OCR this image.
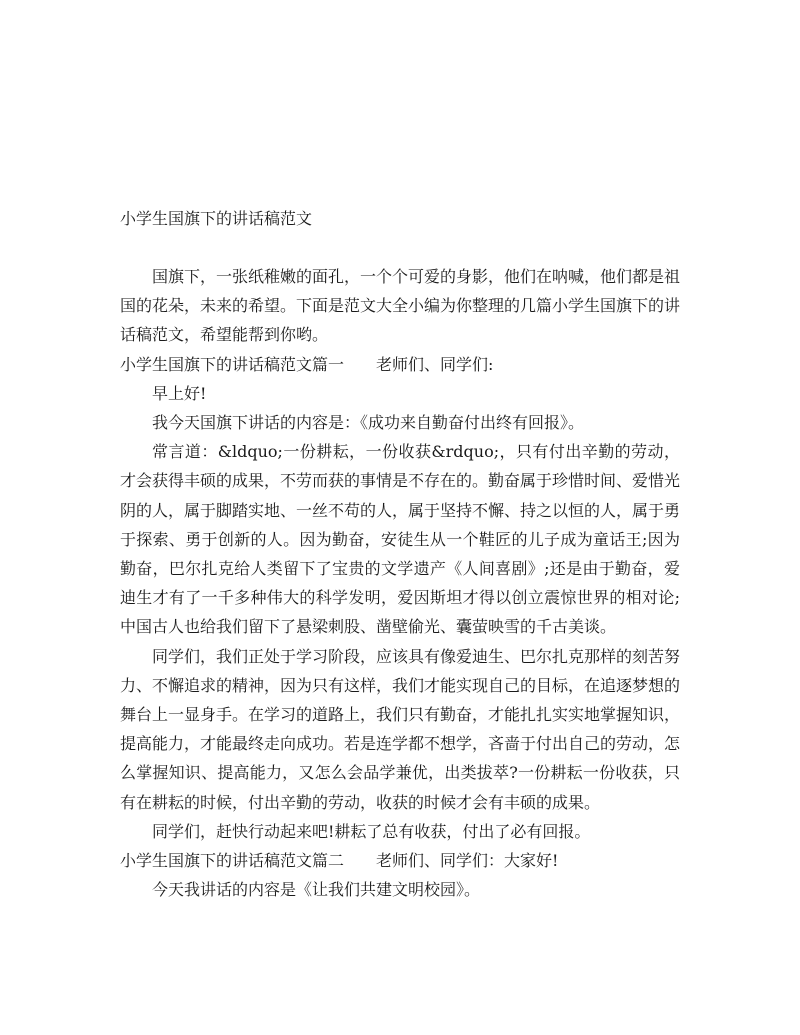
小学生国旗下的讲话稿范文

国旗下，一张纸稚嫩的面孔，一个个可爱的身影，他们在呐喊，他们都是祖国的花朵，未来的希望。下面是范文大全小编为你整理的几篇小学生国旗下的讲话稿范文，希望能帮到你哟。

小学生国旗下的讲话稿范文篇一 老师们、同学们:

早上好!

我今天国旗下讲话的内容是：《成功来自勤奋付出终有回报》。

常言道：&ldquo;一份耕耘，一份收获&rdquo;，只有付出辛勤的劳动，才会获得丰硕的成果，不劳而获的事情是不存在的。勤奋属于珍惜时间、爱惜光阴的人，属于脚踏实地、一丝不苟的人，属于坚持不懈、持之以恒的人，属于勇于探索、勇于创新的人。因为勤奋，安徒生从一个鞋匠的儿子成为童话王;因为勤奋，巴尔扎克给人类留下了宝贵的文学遗产《人间喜剧》;还是由于勤奋，爱迪生才有了一千多种伟大的科学发明，爱因斯坦才得以创立震惊世界的相对论;中国古人也给我们留下了悬梁刺股、凿壁偷光、囊萤映雪的千古美谈。

同学们，我们正处于学习阶段，应该具有像爱迪生、巴尔扎克那样的刻苦努力、不懈追求的精神，因为只有这样，我们才能实现自己的目标，在追逐梦想的舞台上一显身手。在学习的道路上，我们只有勤奋，才能扎扎实实地掌握知识，提高能力，才能最终走向成功。若是连学都不想学，吝啬于付出自己的劳动，怎么掌握知识、提高能力，又怎么会品学兼优，出类拔萃?一份耕耘一份收获，只有在耕耘的时候，付出辛勤的劳动，收获的时候才会有丰硕的成果。

同学们，赶快行动起来吧!耕耘了总有收获，付出了必有回报。

小学生国旗下的讲话稿范文篇二 老师们、同学们：大家好!

今天我讲话的内容是《让我们共建文明校园》。
